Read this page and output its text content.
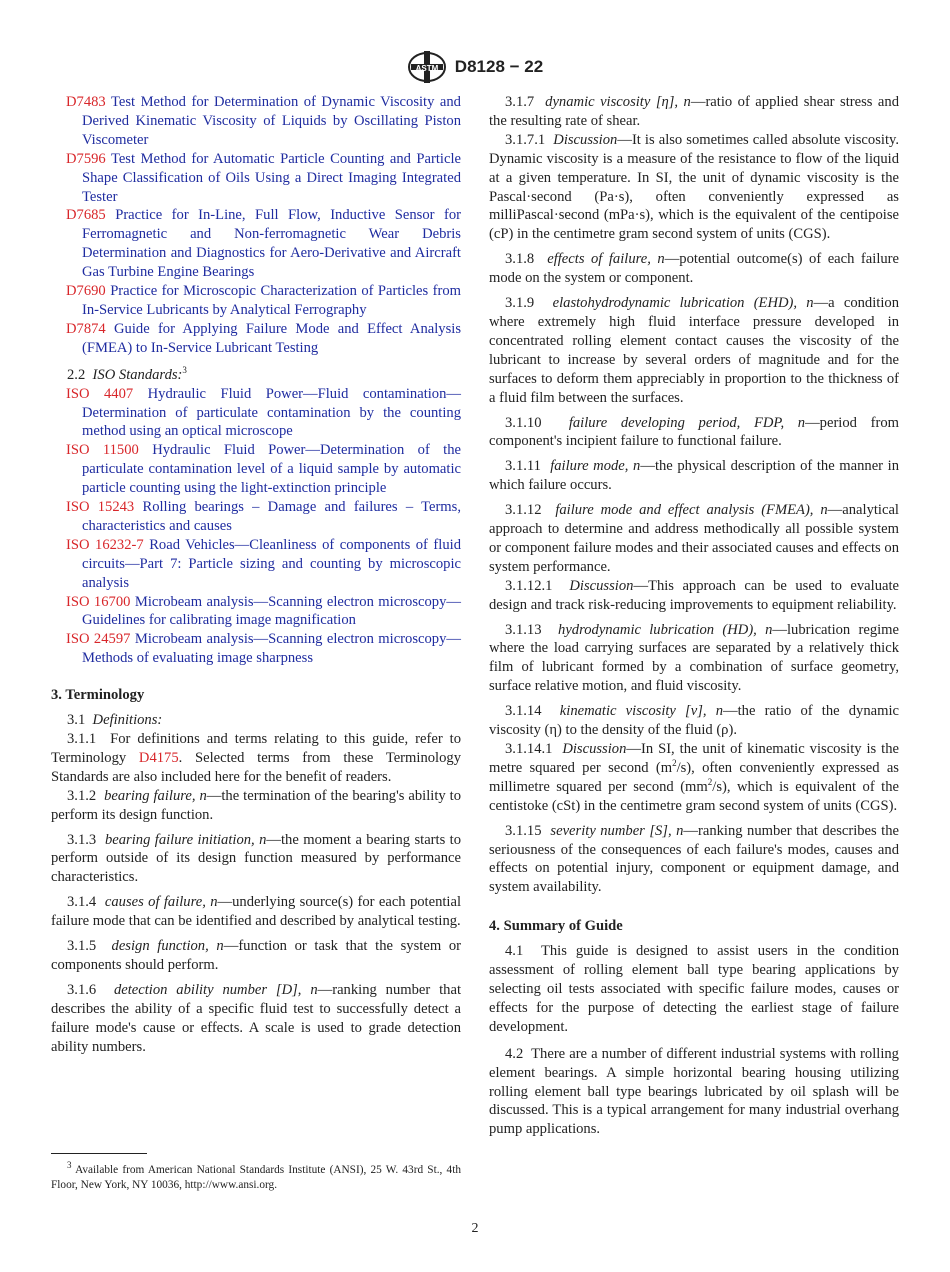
ASTM D8128 − 22
D7483 Test Method for Determination of Dynamic Viscosity and Derived Kinematic Viscosity of Liquids by Oscillating Piston Viscometer
D7596 Test Method for Automatic Particle Counting and Particle Shape Classification of Oils Using a Direct Imaging Integrated Tester
D7685 Practice for In-Line, Full Flow, Inductive Sensor for Ferromagnetic and Non-ferromagnetic Wear Debris Determination and Diagnostics for Aero-Derivative and Aircraft Gas Turbine Engine Bearings
D7690 Practice for Microscopic Characterization of Particles from In-Service Lubricants by Analytical Ferrography
D7874 Guide for Applying Failure Mode and Effect Analysis (FMEA) to In-Service Lubricant Testing

2.2 ISO Standards:$^3$

ISO 4407 Hydraulic Fluid Power—Fluid contamination—Determination of particulate contamination by the counting method using an optical microscope
ISO 11500 Hydraulic Fluid Power—Determination of the particulate contamination level of a liquid sample by automatic particle counting using the light-extinction principle
ISO 15243 Rolling bearings – Damage and failures – Terms, characteristics and causes
ISO 16232-7 Road Vehicles—Cleanliness of components of fluid circuits—Part 7: Particle sizing and counting by microscopic analysis
ISO 16700 Microbeam analysis—Scanning electron microscopy—Guidelines for calibrating image magnification
ISO 24597 Microbeam analysis—Scanning electron microscopy—Methods of evaluating image sharpness

3. Terminology

3.1 Definitions:

3.1.1 For definitions and terms relating to this guide, refer to Terminology D4175. Selected terms from these Terminology Standards are also included here for the benefit of readers.

3.1.2 bearing failure, n—the termination of the bearing's ability to perform its design function.

3.1.3 bearing failure initiation, n—the moment a bearing starts to perform outside of its design function measured by performance characteristics.

3.1.4 causes of failure, n—underlying source(s) for each potential failure mode that can be identified and described by analytical testing.

3.1.5 design function, n—function or task that the system or components should perform.

3.1.6 detection ability number [D], n—ranking number that describes the ability of a specific fluid test to successfully detect a failure mode's cause or effects. A scale is used to grade detection ability numbers.

3.1.7 dynamic viscosity [η], n—ratio of applied shear stress and the resulting rate of shear.

3.1.7.1 Discussion—It is also sometimes called absolute viscosity. Dynamic viscosity is a measure of the resistance to flow of the liquid at a given temperature. In SI, the unit of dynamic viscosity is the Pascal·second (Pa·s), often conveniently expressed as milliPascal·second (mPa·s), which is the equivalent of the centipoise (cP) in the centimetre gram second system of units (CGS).

3.1.8 effects of failure, n—potential outcome(s) of each failure mode on the system or component.

3.1.9 elastohydrodynamic lubrication (EHD), n—a condition where extremely high fluid interface pressure developed in concentrated rolling element contact causes the viscosity of the lubricant to increase by several orders of magnitude and for the surfaces to deform them appreciably in proportion to the thickness of a fluid film between the surfaces.

3.1.10 failure developing period, FDP, n—period from component's incipient failure to functional failure.

3.1.11 failure mode, n—the physical description of the manner in which failure occurs.

3.1.12 failure mode and effect analysis (FMEA), n—analytical approach to determine and address methodically all possible system or component failure modes and their associated causes and effects on system performance.

3.1.12.1 Discussion—This approach can be used to evaluate design and track risk-reducing improvements to equipment reliability.

3.1.13 hydrodynamic lubrication (HD), n—lubrication regime where the load carrying surfaces are separated by a relatively thick film of lubricant formed by a combination of surface geometry, surface relative motion, and fluid viscosity.

3.1.14 kinematic viscosity [ν], n—the ratio of the dynamic viscosity (η) to the density of the fluid (ρ).

3.1.14.1 Discussion—In SI, the unit of kinematic viscosity is the metre squared per second $(m^2/s)$, often conveniently expressed as millimetre squared per second $(mm^2/s)$, which is equivalent of the centistoke (cSt) in the centimetre gram second system of units (CGS).

3.1.15 severity number [S], n—ranking number that describes the seriousness of the consequences of each failure's modes, causes and effects on potential injury, component or equipment damage, and system availability.

4. Summary of Guide

4.1 This guide is designed to assist users in the condition assessment of rolling element ball type bearing applications by selecting oil tests associated with specific failure modes, causes or effects for the purpose of detecting the earliest stage of failure development.

4.2 There are a number of different industrial systems with rolling element bearings. A simple horizontal bearing housing utilizing rolling element ball type bearings lubricated by oil splash will be discussed. This is a typical arrangement for many industrial overhang pump applications.

$^3$ Available from American National Standards Institute (ANSI), 25 W. 43rd St., 4th Floor, New York, NY 10036, http://www.ansi.org.
2
